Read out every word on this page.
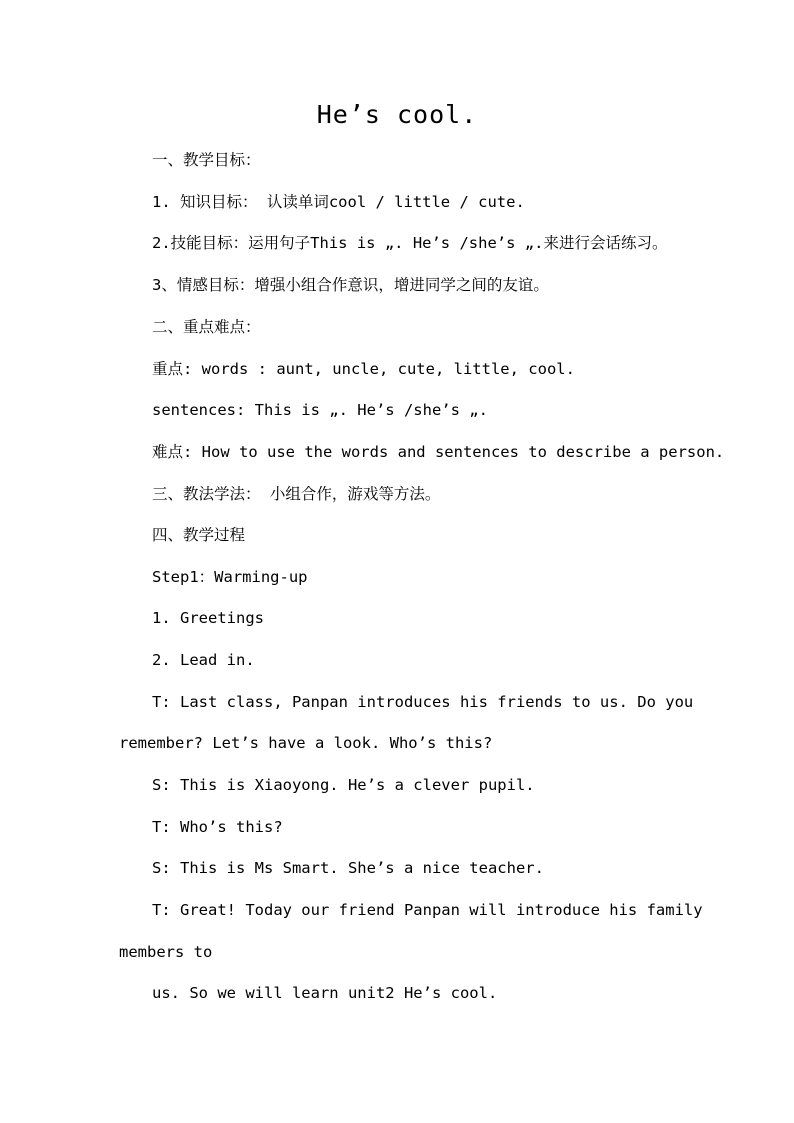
He’s cool.
一、教学目标：
1. 知识目标： 认读单词cool / little / cute.
2.技能目标：运用句子This is „. He’s /she’s „.来进行会话练习。
3、情感目标：增强小组合作意识，增进同学之间的友谊。
二、重点难点：
重点: words : aunt, uncle, cute, little, cool.
sentences: This is „. He’s /she’s „.
难点: How to use the words and sentences to describe a person.
三、教法学法： 小组合作，游戏等方法。
四、教学过程
Step1：Warming-up
1. Greetings
2. Lead in.
T: Last class, Panpan introduces his friends to us. Do you
remember? Let’s have a look. Who’s this?
S: This is Xiaoyong. He’s a clever pupil.
T: Who’s this?
S: This is Ms Smart. She’s a nice teacher.
T: Great! Today our friend Panpan will introduce his family
members to
us. So we will learn unit2 He’s cool.
